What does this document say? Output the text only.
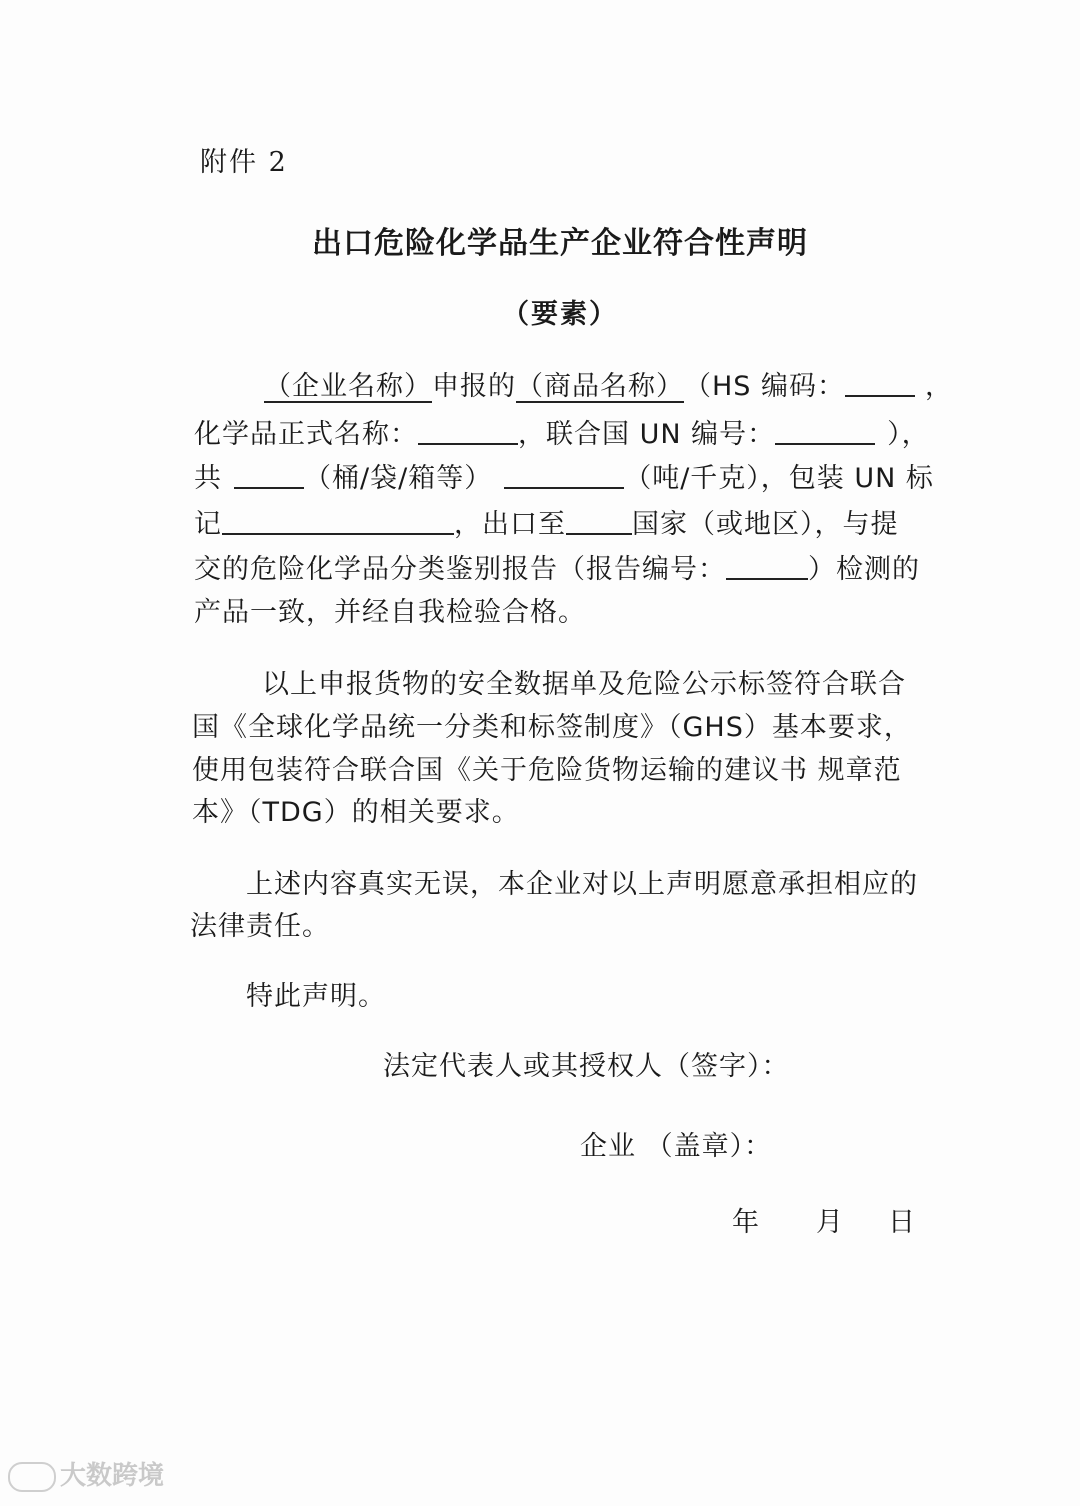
附件 2
出口危险化学品生产企业符合性声明
（要素）
（企业名称）申报的（商品名称）（HS 编码：	，
化学品正式名称：	，联合国 UN 编号：	），
共	（桶/袋/箱等）	（吨/千克），包装 UN 标
记	，出口至 国家（或地区），与提
交的危险化学品分类鉴别报告（报告编号：	）检测的
产品一致，并经自我检验合格。
以上申报货物的安全数据单及危险公示标签符合联合
国《全球化学品统一分类和标签制度》（GHS）基本要求，
使用包装符合联合国《关于危险货物运输的建议书 规章范
本》（TDG）的相关要求。
上述内容真实无误，本企业对以上声明愿意承担相应的
法律责任。
特此声明。
法定代表人或其授权人（签字）：
企业 （盖章）：
年 月 日
大数跨境
